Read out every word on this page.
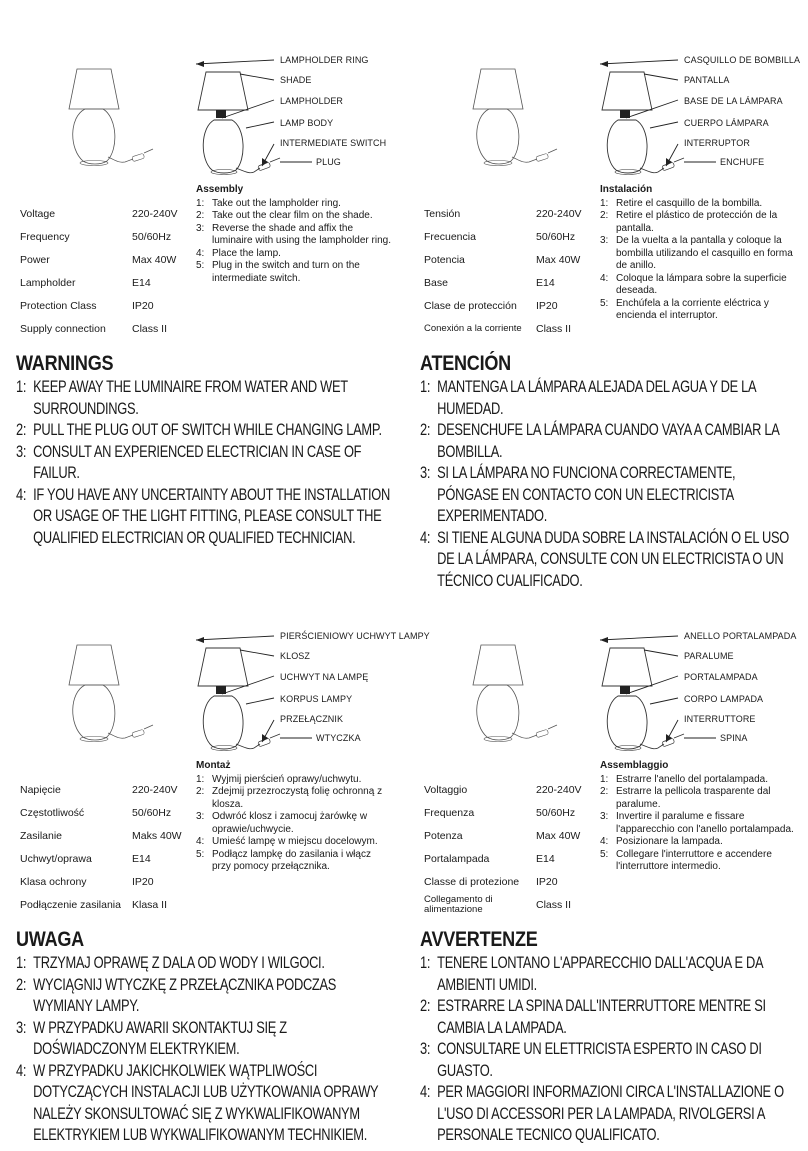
LAMPHOLDER RING
SHADE
LAMPHOLDER
LAMP BODY
INTERMEDIATE SWITCH
PLUG
Assembly
1: Take out the lampholder ring.
2: Take out the clear film on the shade.
3: Reverse the shade and affix the luminaire with using the lampholder ring.
4: Place the lamp.
5: Plug in the switch and turn on the intermediate switch.
Voltage	220-240V
Frequency	50/60Hz
Power	Max 40W
Lampholder	E14
Protection Class	IP20
Supply connection	Class II
WARNINGS
1: KEEP AWAY THE LUMINAIRE FROM WATER AND WET SURROUNDINGS.
2: PULL THE PLUG OUT OF SWITCH WHILE CHANGING LAMP.
3: CONSULT AN EXPERIENCED ELECTRICIAN IN CASE OF FAILUR.
4: IF YOU HAVE ANY UNCERTAINTY ABOUT THE INSTALLATION OR USAGE OF THE LIGHT FITTING, PLEASE CONSULT THE QUALIFIED ELECTRICIAN OR QUALIFIED TECHNICIAN.
CASQUILLO DE BOMBILLA
PANTALLA
BASE DE LA LÁMPARA
CUERPO LÁMPARA
INTERRUPTOR
ENCHUFE
Instalación
1: Retire el casquillo de la bombilla.
2: Retire el plástico de protección de la pantalla.
3: De la vuelta a la pantalla y coloque la bombilla utilizando el casquillo en forma de anillo.
4: Coloque la lámpara sobre la superficie deseada.
5: Enchúfela a la corriente eléctrica y encienda el interruptor.
Tensión	220-240V
Frecuencia	50/60Hz
Potencia	Max 40W
Base	E14
Clase de protección	IP20
Conexión a la corriente	Class II
ATENCIÓN
1: MANTENGA LA LÁMPARA ALEJADA DEL AGUA Y DE LA HUMEDAD.
2: DESENCHUFE LA LÁMPARA CUANDO VAYA A CAMBIAR LA BOMBILLA.
3: SI LA LÁMPARA NO FUNCIONA CORRECTAMENTE, PÓNGASE EN CONTACTO CON UN ELECTRICISTA EXPERIMENTADO.
4: SI TIENE ALGUNA DUDA SOBRE LA INSTALACIÓN O EL USO DE LA LÁMPARA, CONSULTE CON UN ELECTRICISTA O UN TÉCNICO CUALIFICADO.
PIERŚCIENIOWY UCHWYT LAMPY
KLOSZ
UCHWYT NA LAMPĘ
KORPUS LAMPY
PRZEŁĄCZNIK
WTYCZKA
Montaż
1: Wyjmij pierścień oprawy/uchwytu.
2: Zdejmij przezroczystą folię ochronną z klosza.
3: Odwróć klosz i zamocuj żarówkę w oprawie/uchwycie.
4: Umieść lampę w miejscu docelowym.
5: Podłącz lampkę do zasilania i włącz przy pomocy przełącznika.
Napięcie	220-240V
Częstotliwość	50/60Hz
Zasilanie	Maks 40W
Uchwyt/oprawa	E14
Klasa ochrony	IP20
Podłączenie zasilania	Klasa II
UWAGA
1: TRZYMAJ OPRAWĘ Z DALA OD WODY I WILGOCI.
2: WYCIĄGNIJ WTYCZKĘ Z PRZEŁĄCZNIKA PODCZAS WYMIANY LAMPY.
3: W PRZYPADKU AWARII SKONTAKTUJ SIĘ Z DOŚWIADCZONYM ELEKTRYKIEM.
4: W PRZYPADKU JAKICHKOLWIEK WĄTPLIWOŚCI DOTYCZĄCYCH INSTALACJI LUB UŻYTKOWANIA OPRAWY NALEŻY SKONSULTOWAĆ SIĘ Z WYKWALIFIKOWANYM ELEKTRYKIEM LUB WYKWALIFIKOWANYM TECHNIKIEM.
ANELLO PORTALAMPADA
PARALUME
PORTALAMPADA
CORPO LAMPADA
INTERRUTTORE
SPINA
Assemblaggio
1: Estrarre l'anello del portalampada.
2: Estrarre la pellicola trasparente dal paralume.
3: Invertire il paralume e fissare l'apparecchio con l'anello portalampada.
4: Posizionare la lampada.
5: Collegare l'interruttore e accendere l'interruttore intermedio.
Voltaggio	220-240V
Frequenza	50/60Hz
Potenza	Max 40W
Portalampada	E14
Classe di protezione	IP20
Collegamento di alimentazione	Class II
AVVERTENZE
1: TENERE LONTANO L'APPARECCHIO DALL'ACQUA E DA AMBIENTI UMIDI.
2: ESTRARRE LA SPINA DALL'INTERRUTTORE MENTRE SI CAMBIA LA LAMPADA.
3: CONSULTARE UN ELETTRICISTA ESPERTO IN CASO DI GUASTO.
4: PER MAGGIORI INFORMAZIONI CIRCA L'INSTALLAZIONE O L'USO DI ACCESSORI PER LA LAMPADA, RIVOLGERSI A PERSONALE TECNICO QUALIFICATO.
